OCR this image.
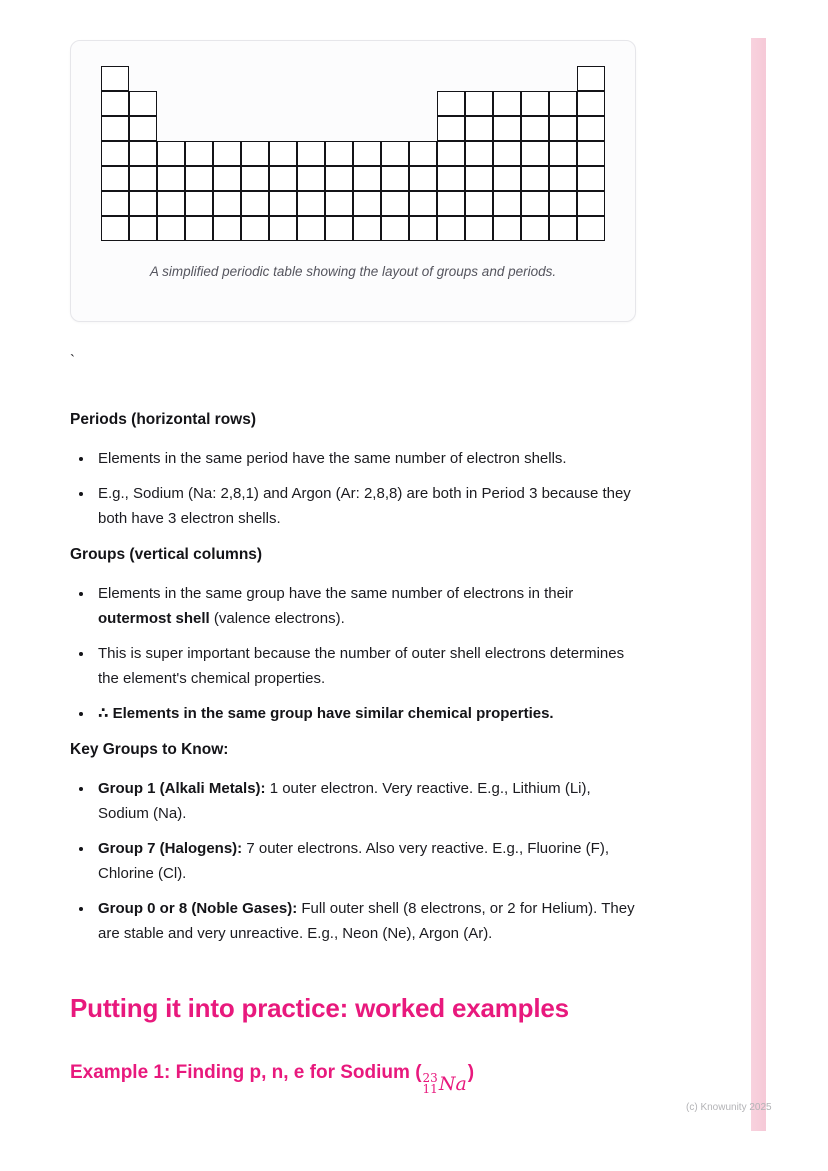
A simplified periodic table showing the layout of groups and periods.
`
Periods (horizontal rows)
• Elements in the same period have the same number of electron shells.
• E.g., Sodium (Na: 2,8,1) and Argon (Ar: 2,8,8) are both in Period 3 because they both have 3 electron shells.
Groups (vertical columns)
• Elements in the same group have the same number of electrons in their outermost shell (valence electrons).
• This is super important because the number of outer shell electrons determines the element's chemical properties.
• ∴ Elements in the same group have similar chemical properties.
Key Groups to Know:
• Group 1 (Alkali Metals): 1 outer electron. Very reactive. E.g., Lithium (Li), Sodium (Na).
• Group 7 (Halogens): 7 outer electrons. Also very reactive. E.g., Fluorine (F), Chlorine (Cl).
• Group 0 or 8 (Noble Gases): Full outer shell (8 electrons, or 2 for Helium). They are stable and very unreactive. E.g., Neon (Ne), Argon (Ar).
Putting it into practice: worked examples
Example 1: Finding p, n, e for Sodium ( 23
11 Na
)
(c) Knowunity 2025
